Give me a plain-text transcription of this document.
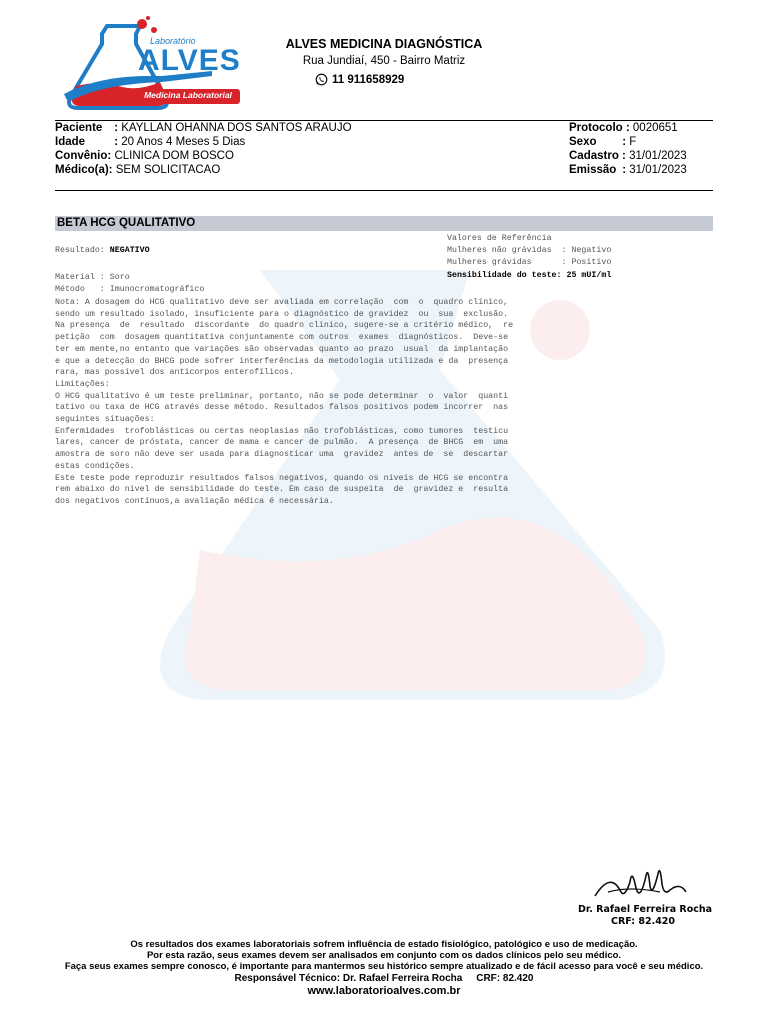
Laboratório
ALVES
Medicina Laboratorial
ALVES MEDICINA DIAGNÓSTICA
Rua Jundiaí, 450 - Bairro Matriz
11 911658929
Paciente : KAYLLAN OHANNA DOS SANTOS ARAUJO
Idade : 20 Anos 4 Meses 5 Dias
Convênio: CLINICA DOM BOSCO
Médico(a): SEM SOLICITACAO
Protocolo : 0020651
Sexo : F
Cadastro : 31/01/2023
Emissão : 31/01/2023
BETA HCG QUALITATIVO
Valores de Referência
Mulheres não grávidas  : Negativo
Mulheres grávidas      : Positivo
Sensibilidade do teste: 25 mUI/ml
Resultado: NEGATIVO
Material : Soro
Método   : Imunocromatográfico
Nota: A dosagem do HCG qualitativo deve ser avaliada em correlação  com  o  quadro clínico,
sendo um resultado isolado, insuficiente para o diagnóstico de gravidez  ou  sua  exclusão.
Na presença  de  resultado  discordante  do quadro clínico, sugere-se a critério médico,  re
petição  com  dosagem quantitativa conjuntamente com outros  exames  diagnósticos.  Deve-se
ter em mente,no entanto que variações são observadas quanto ao prazo  usual  da implantação
e que a detecção do BHCG pode sofrer interferências da metodologia utilizada e da  presença
rara, mas possível dos anticorpos enterofílicos.
Limitações:
O HCG qualitativo é um teste preliminar, portanto, não se pode determinar  o  valor  quanti
tativo ou taxa de HCG através desse método. Resultados falsos positivos podem incorrer  nas
seguintes situações:
Enfermidades  trofoblásticas ou certas neoplasias não trofoblásticas, como tumores  testicu
lares, cancer de próstata, cancer de mama e cancer de pulmão.  A presença  de BHCG  em  uma
amostra de soro não deve ser usada para diagnosticar uma  gravidez  antes de  se  descartar
estas condições.
Este teste pode reproduzir resultados falsos negativos, quando os níveis de HCG se encontra
rem abaixo do nível de sensibilidade do teste. Em caso de suspeita  de  gravidez e  resulta
dos negativos contínuos,a avaliação médica é necessária.
Dr. Rafael Ferreira Rocha
CRF: 82.420
Os resultados dos exames laboratoriais sofrem influência de estado fisiológico, patológico e uso de medicação.
Por esta razão, seus exames devem ser analisados em conjunto com os dados clínicos pelo seu médico.
Faça seus exames sempre conosco, é importante para mantermos seu histórico sempre atualizado e de fácil acesso para você e seu médico.
Responsável Técnico: Dr. Rafael Ferreira Rocha     CRF: 82.420
www.laboratorioalves.com.br
